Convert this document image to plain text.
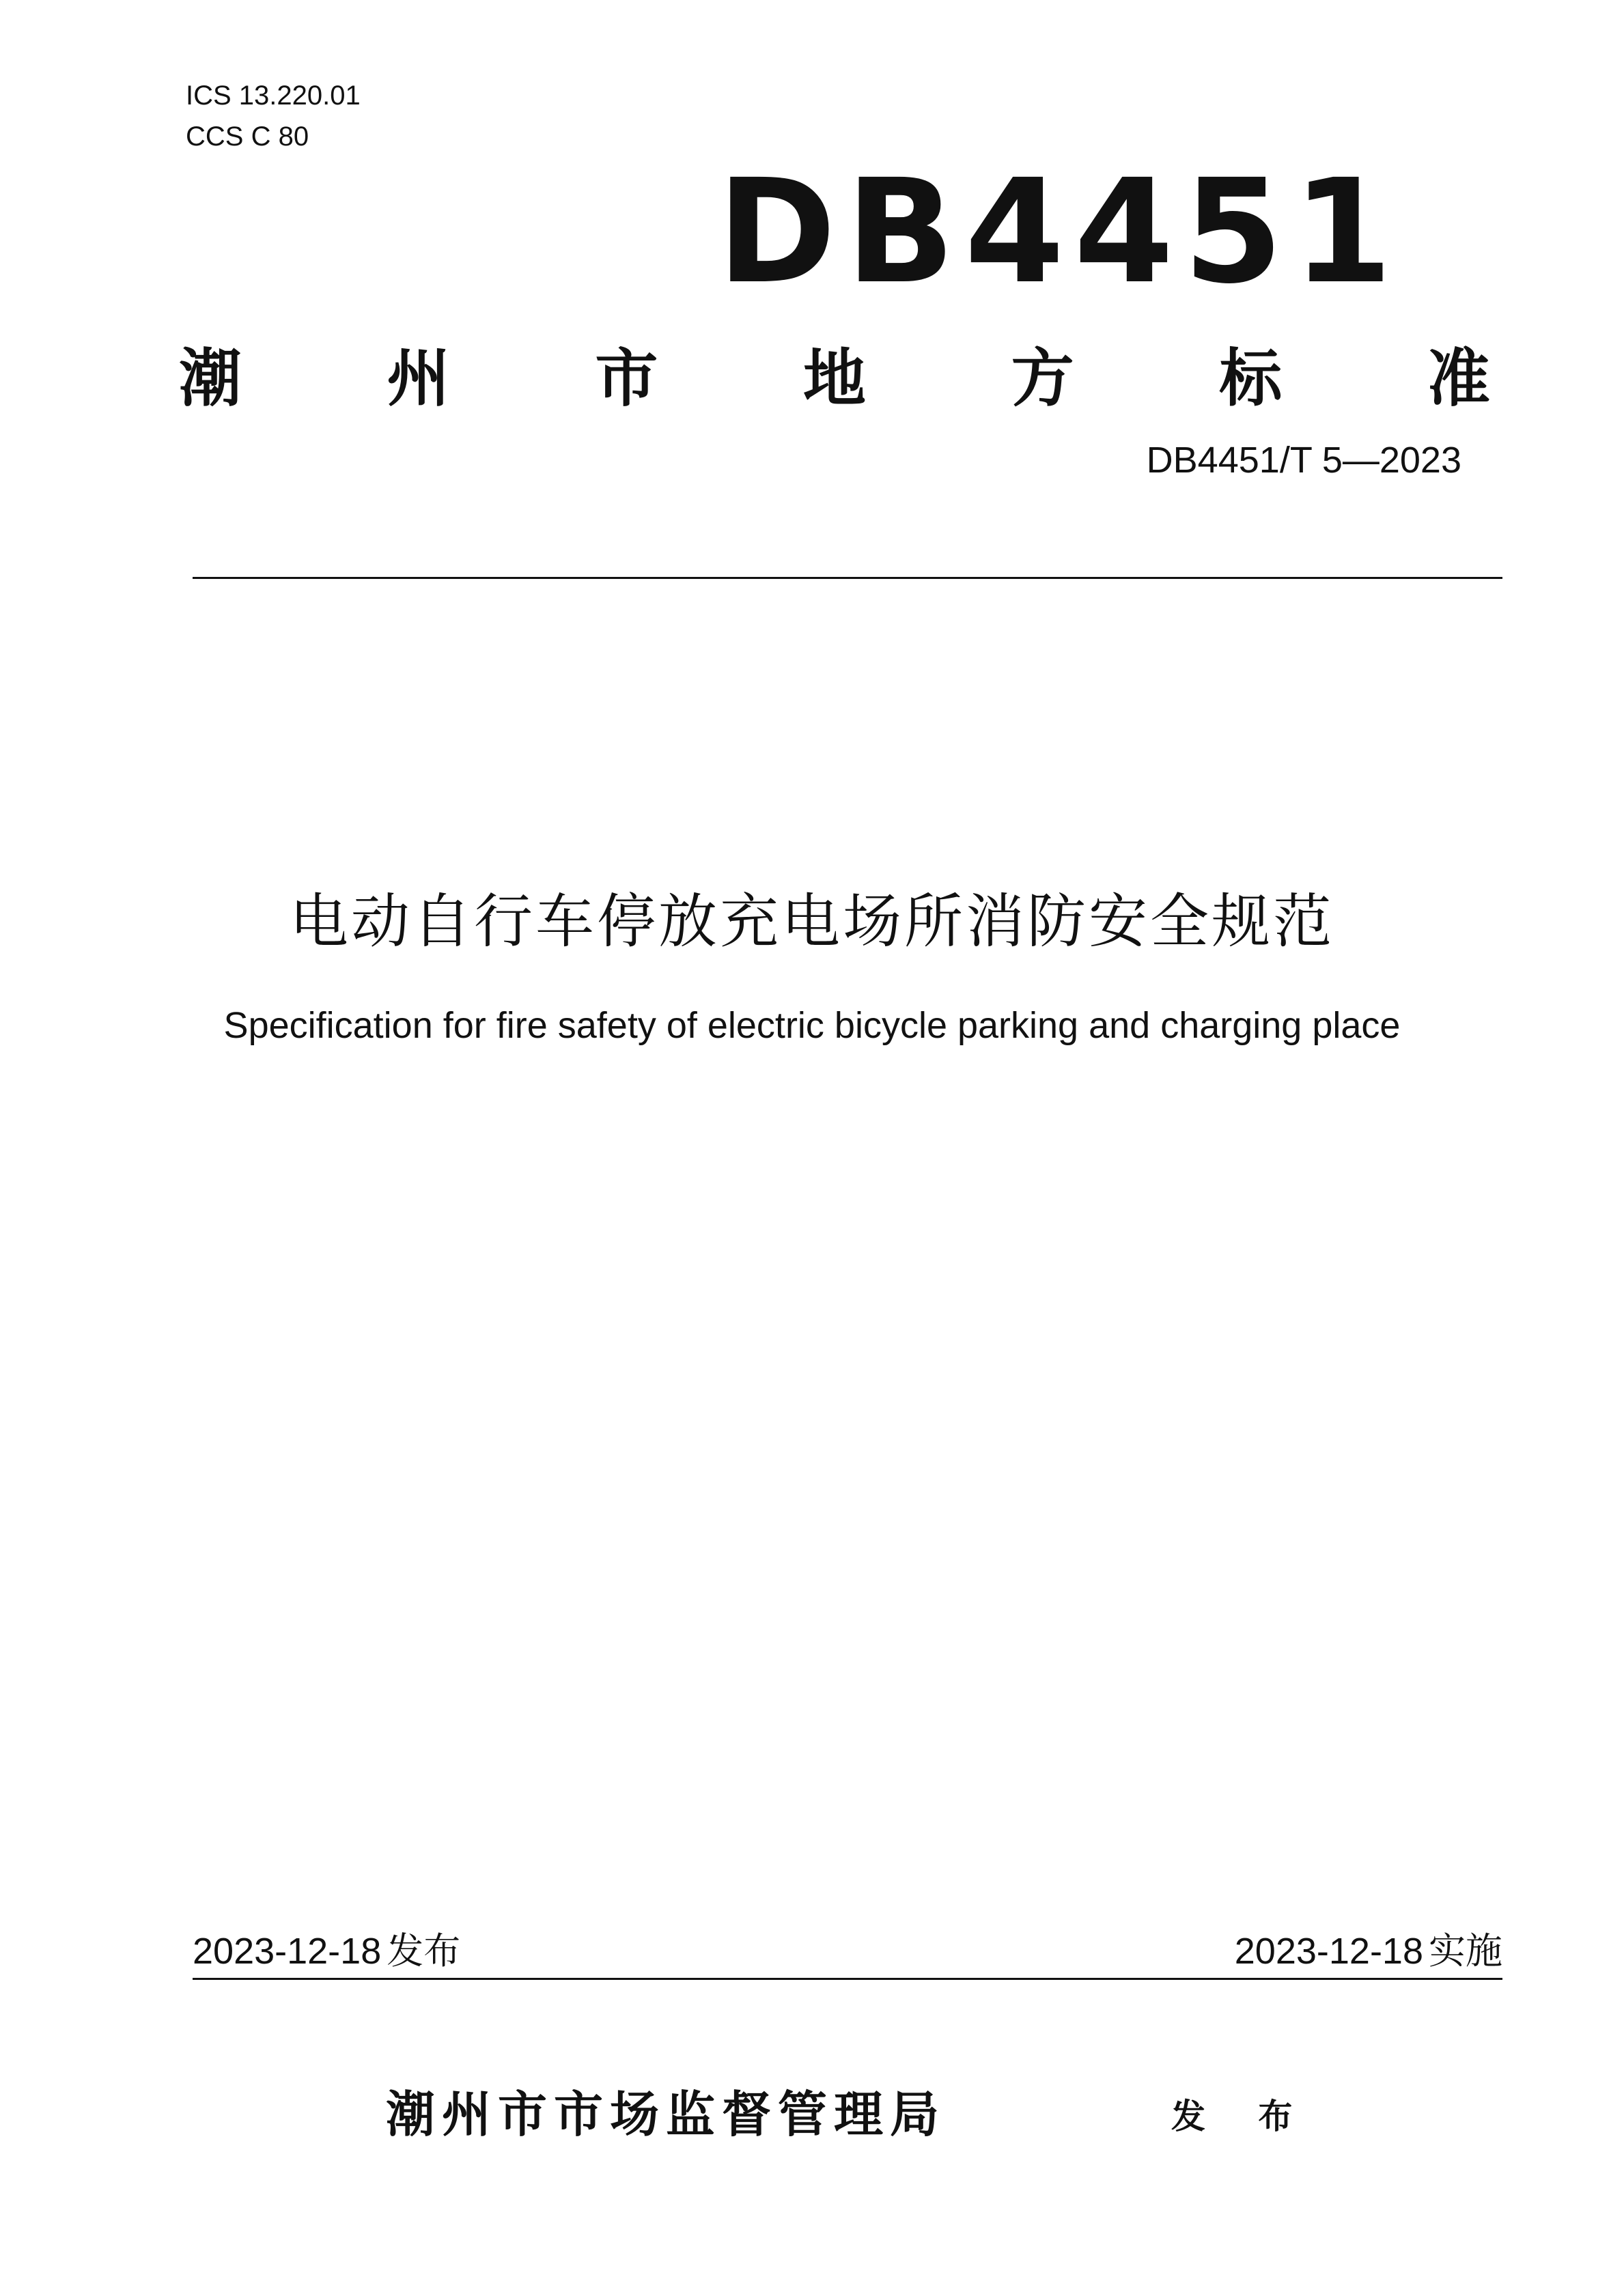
ICS 13.220.01
CCS C 80
DB4451
潮 州 市 地 方 标 准
DB4451/T 5—2023
电动自行车停放充电场所消防安全规范
Specification for fire safety of electric bicycle parking and charging place
2023-12-18 发布	2023-12-18 实施
潮州市市场监督管理局	发 布
